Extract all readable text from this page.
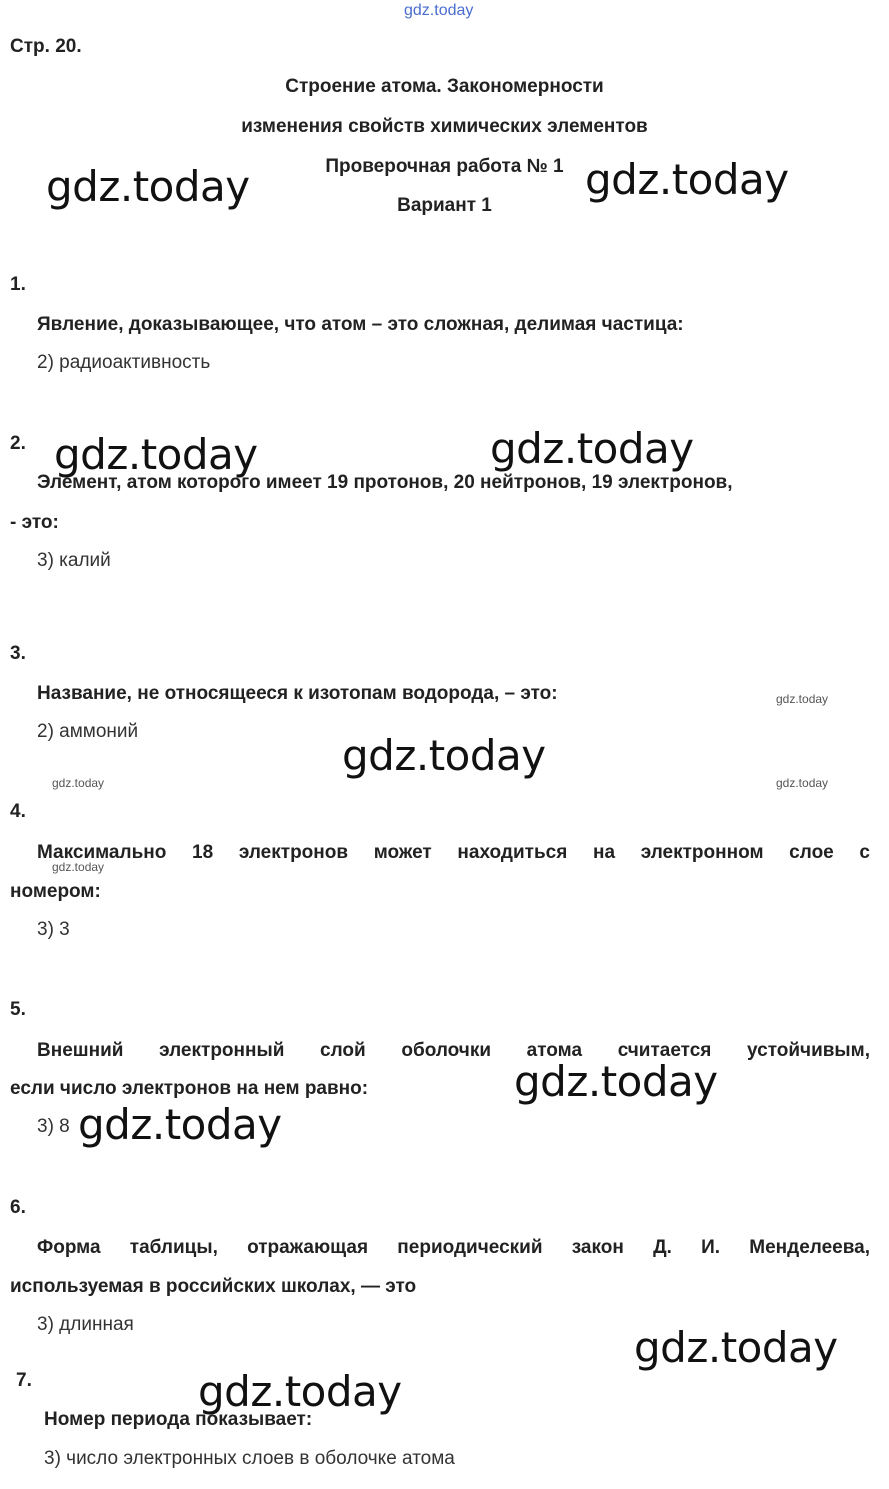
gdz.today
Стр. 20.
Строение атома. Закономерности
изменения свойств химических элементов
Проверочная работа № 1
Вариант 1
1.
Явление, доказывающее, что атом – это сложная, делимая частица:
2) радиоактивность
2.
Элемент, атом которого имеет 19 протонов, 20 нейтронов, 19 электронов,
- это:
3) калий
3.
Название, не относящееся к изотопам водорода, – это:
2) аммоний
4.
Максимально 18 электронов может находиться на электронном слое с
номером:
3) 3
5.
Внешний электронный слой оболочки атома считается устойчивым,
если число электронов на нем равно:
3) 8
6.
Форма таблицы, отражающая периодический закон Д. И. Менделеева,
используемая в российских школах, — это
3) длинная
7.
Номер периода показывает:
3) число электронных слоев в оболочке атома
gdz.today	gdz.today
gdz.today	gdz.today
gdz.today
gdz.today
gdz.today
gdz.today
gdz.today
gdz.today
gdz.today	gdz.today
gdz.today
